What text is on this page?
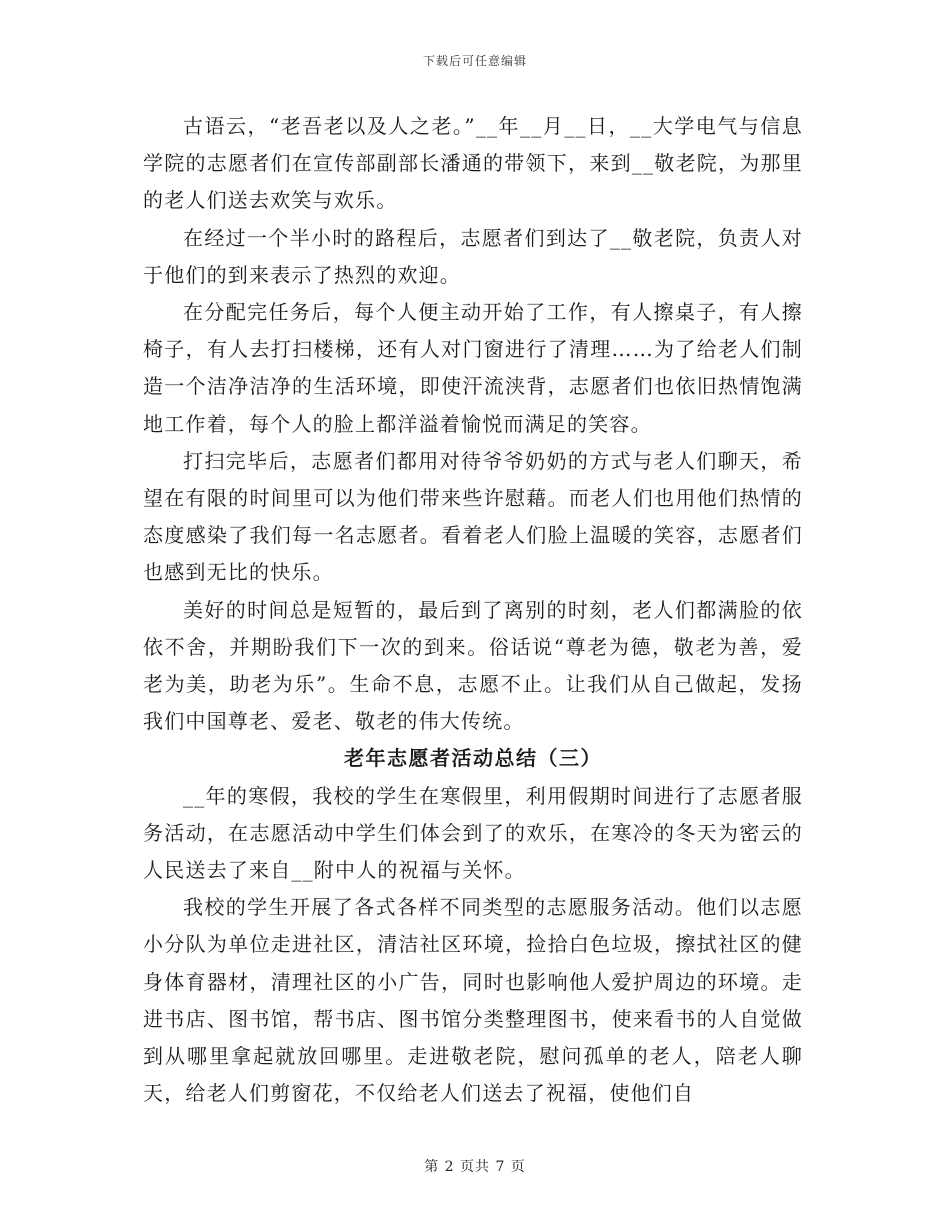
下载后可任意编辑

古语云，“老吾老以及人之老。”__年__月__日，__大学电气与信息学院的志愿者们在宣传部副部长潘通的带领下，来到__敬老院，为那里的老人们送去欢笑与欢乐。

在经过一个半小时的路程后，志愿者们到达了__敬老院，负责人对于他们的到来表示了热烈的欢迎。

在分配完任务后，每个人便主动开始了工作，有人擦桌子，有人擦椅子，有人去打扫楼梯，还有人对门窗进行了清理……为了给老人们制造一个洁净洁净的生活环境，即使汗流浃背，志愿者们也依旧热情饱满地工作着，每个人的脸上都洋溢着愉悦而满足的笑容。

打扫完毕后，志愿者们都用对待爷爷奶奶的方式与老人们聊天，希望在有限的时间里可以为他们带来些许慰藉。而老人们也用他们热情的态度感染了我们每一名志愿者。看着老人们脸上温暖的笑容，志愿者们也感到无比的快乐。

美好的时间总是短暂的，最后到了离别的时刻，老人们都满脸的依依不舍，并期盼我们下一次的到来。俗话说“尊老为德，敬老为善，爱老为美，助老为乐”。生命不息，志愿不止。让我们从自己做起，发扬我们中国尊老、爱老、敬老的伟大传统。

老年志愿者活动总结（三）

__年的寒假，我校的学生在寒假里，利用假期时间进行了志愿者服务活动，在志愿活动中学生们体会到了的欢乐，在寒冷的冬天为密云的人民送去了来自__附中人的祝福与关怀。

我校的学生开展了各式各样不同类型的志愿服务活动。他们以志愿小分队为单位走进社区，清洁社区环境，捡拾白色垃圾，擦拭社区的健身体育器材，清理社区的小广告，同时也影响他人爱护周边的环境。走进书店、图书馆，帮书店、图书馆分类整理图书，使来看书的人自觉做到从哪里拿起就放回哪里。走进敬老院，慰问孤单的老人，陪老人聊天，给老人们剪窗花，不仅给老人们送去了祝福，使他们自

第 2 页共 7 页
